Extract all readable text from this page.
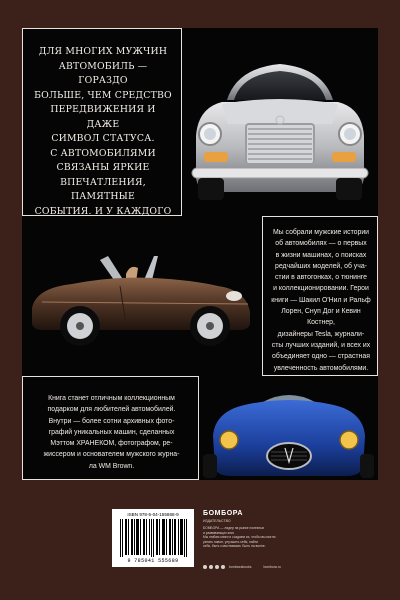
ДЛЯ МНОГИХ МУЖЧИН
АВТОМОБИЛЬ — ГОРАЗДО
БОЛЬШЕ, ЧЕМ СРЕДСТВО
ПЕРЕДВИЖЕНИЯ И ДАЖЕ
СИМВОЛ СТАТУСА.
С АВТОМОБИЛЯМИ
СВЯЗАНЫ ЯРКИЕ
ВПЕЧАТЛЕНИЯ, ПАМЯТНЫЕ
СОБЫТИЯ. И У КАЖДОГО

Мы собрали мужские истории
об автомобилях — о первых
в жизни машинах, о поисках
редчайших моделей, об уча-
стии в автогонках, о тюнинге
и коллекционировании. Герои
книги — Шакил О'Нил и Ральф
Лорен, Снуп Дог и Кевин Костнер,
дизайнеры Tesla, журнали-
сты лучших изданий, и всех их
объединяет одно — страстная
увлеченность автомобилями.
Книга станет отличным коллекционным
подарком для любителей автомобилей.
Внутри — более сотни архивных фото-
графий уникальных машин, сделанных
Мэттом ХРАНЕКОМ, фотографом, ре-
жиссером и основателем мужского журна-
ла WM Brown.
ISBN 978-5-04-155868-9
9 785041 555689
БОМБОРА
ИЗДАТЕЛЬСТВО
БОМБОРА — лидер на рынке полезных
и развивающих книг.
Мы любим книги и создаем их, чтобы вы могли
узнать новое, улучшить себя, найти
себя, быть счастливыми. Быть на волне.
bomborabooks	bombora.ru
